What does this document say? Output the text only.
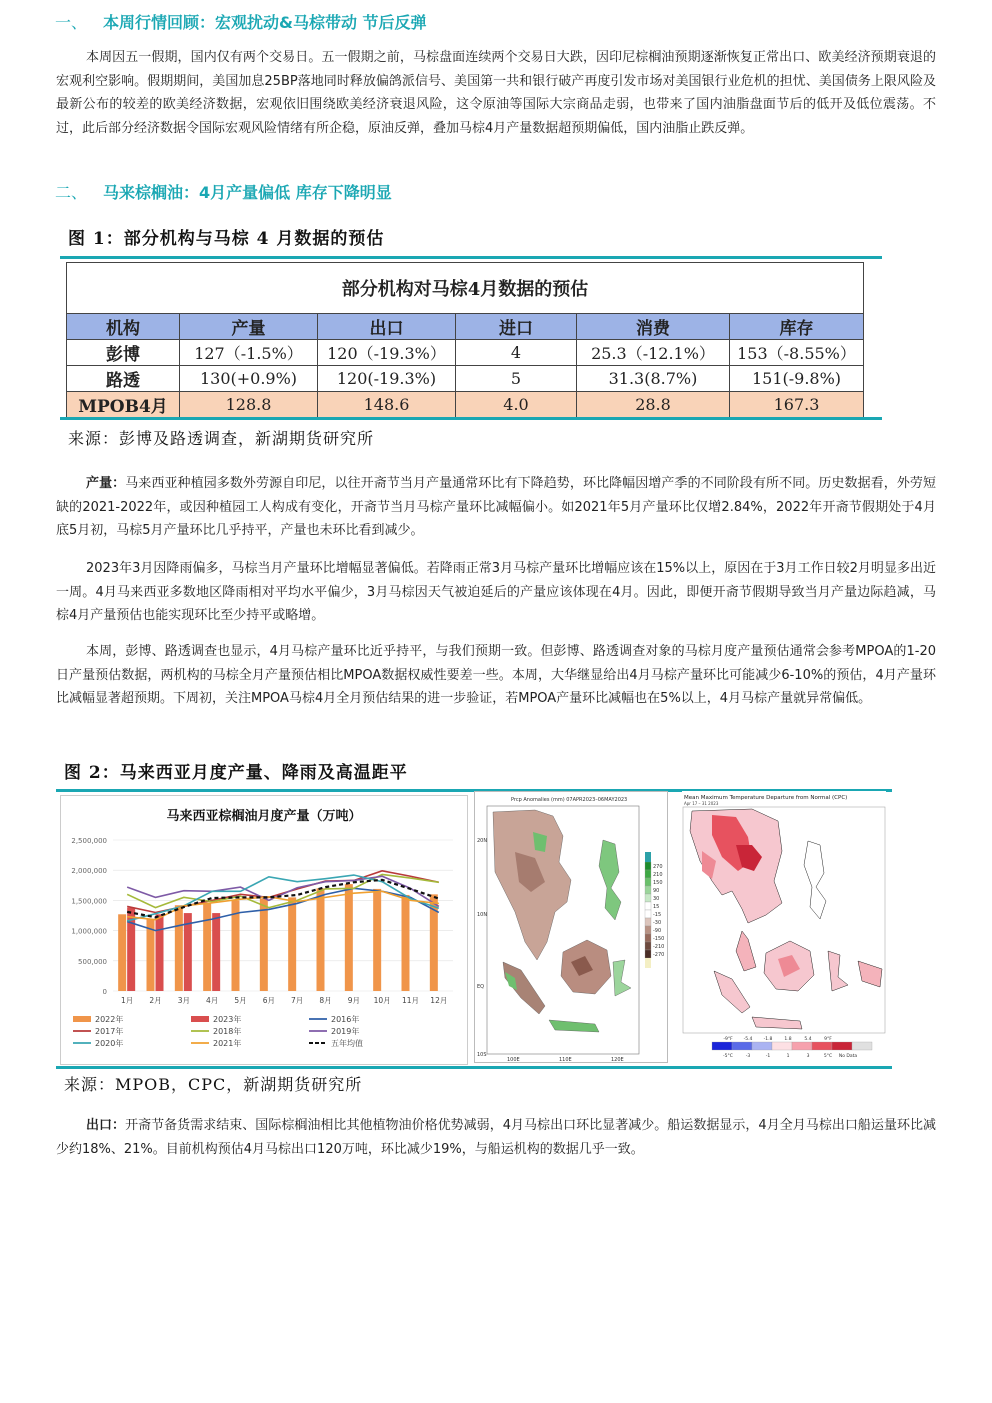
一、 本周行情回顾：宏观扰动&马棕带动 节后反弹
本周因五一假期，国内仅有两个交易日。五一假期之前，马棕盘面连续两个交易日大跌，因印尼棕榈油预期逐渐恢复正常出口、欧美经济预期衰退的宏观利空影响。假期期间，美国加息25BP落地同时释放偏鸽派信号、美国第一共和银行破产再度引发市场对美国银行业危机的担忧、美国债务上限风险及最新公布的较差的欧美经济数据，宏观依旧围绕欧美经济衰退风险，这令原油等国际大宗商品走弱，也带来了国内油脂盘面节后的低开及低位震荡。不过，此后部分经济数据令国际宏观风险情绪有所企稳，原油反弹，叠加马棕4月产量数据超预期偏低，国内油脂止跌反弹。
二、 马来棕榈油：4月产量偏低 库存下降明显
图 1：部分机构与马棕 4 月数据的预估
部分机构对马棕4月数据的预估					
机构	产量	出口	进口	消费	库存
彭博	127（-1.5%）	120（-19.3%）	4	25.3（-12.1%）	153（-8.55%）
路透	130(+0.9%)	120(-19.3%)	5	31.3(8.7%)	151(-9.8%)
MPOB4月	128.8	148.6	4.0	28.8	167.3
来源：彭博及路透调查，新湖期货研究所
产量：马来西亚种植园多数外劳源自印尼，以往开斋节当月产量通常环比有下降趋势，环比降幅因增产季的不同阶段有所不同。历史数据看，外劳短缺的2021-2022年，或因种植园工人构成有变化，开斋节当月马棕产量环比减幅偏小。如2021年5月产量环比仅增2.84%，2022年开斋节假期处于4月底5月初，马棕5月产量环比几乎持平，产量也未环比看到减少。
2023年3月因降雨偏多，马棕当月产量环比增幅显著偏低。若降雨正常3月马棕产量环比增幅应该在15%以上，原因在于3月工作日较2月明显多出近一周。4月马来西亚多数地区降雨相对平均水平偏少，3月马棕因天气被迫延后的产量应该体现在4月。因此，即便开斋节假期导致当月产量边际趋减，马棕4月产量预估也能实现环比至少持平或略增。
本周，彭博、路透调查也显示，4月马棕产量环比近乎持平，与我们预期一致。但彭博、路透调查对象的马棕月度产量预估通常会参考MPOA的1-20日产量预估数据，两机构的马棕全月产量预估相比MPOA数据权威性要差一些。本周，大华继显给出4月马棕产量环比可能减少6-10%的预估，4月产量环比减幅显著超预期。下周初，关注MPOA马棕4月全月预估结果的进一步验证，若MPOA产量环比减幅也在5%以上，4月马棕产量就异常偏低。
图 2：马来西亚月度产量、降雨及高温距平
马来西亚棕榈油月度产量（万吨）
0
500,000
1,000,000
1,500,000
2,000,000
2,500,000
1月 2月 3月 4月 5月 6月 7月 8月 9月 10月 11月 12月
2022年	2023年	2016年
2017年	2018年	2019年
2020年	2021年	五年均值
Prcp Anomalies (mm) 07APR2023–06MAY2023
20N
10N
EQ
10S
100E	110E	120E
270
210
150
90
30
15
-15
-30
-90
-150
-210
-270
Mean Maximum Temperature Departure from Normal (CPC)
Apr 17 – 31 2023
-9°F -5.4 -1.8	1.8	5.4	9°F
-5°C	-3	-1	1	3	5°C No Data
来源：MPOB，CPC，新湖期货研究所
出口：开斋节备货需求结束、国际棕榈油相比其他植物油价格优势减弱，4月马棕出口环比显著减少。船运数据显示，4月全月马棕出口船运量环比减少约18%、21%。目前机构预估4月马棕出口120万吨，环比减少19%，与船运机构的数据几乎一致。
